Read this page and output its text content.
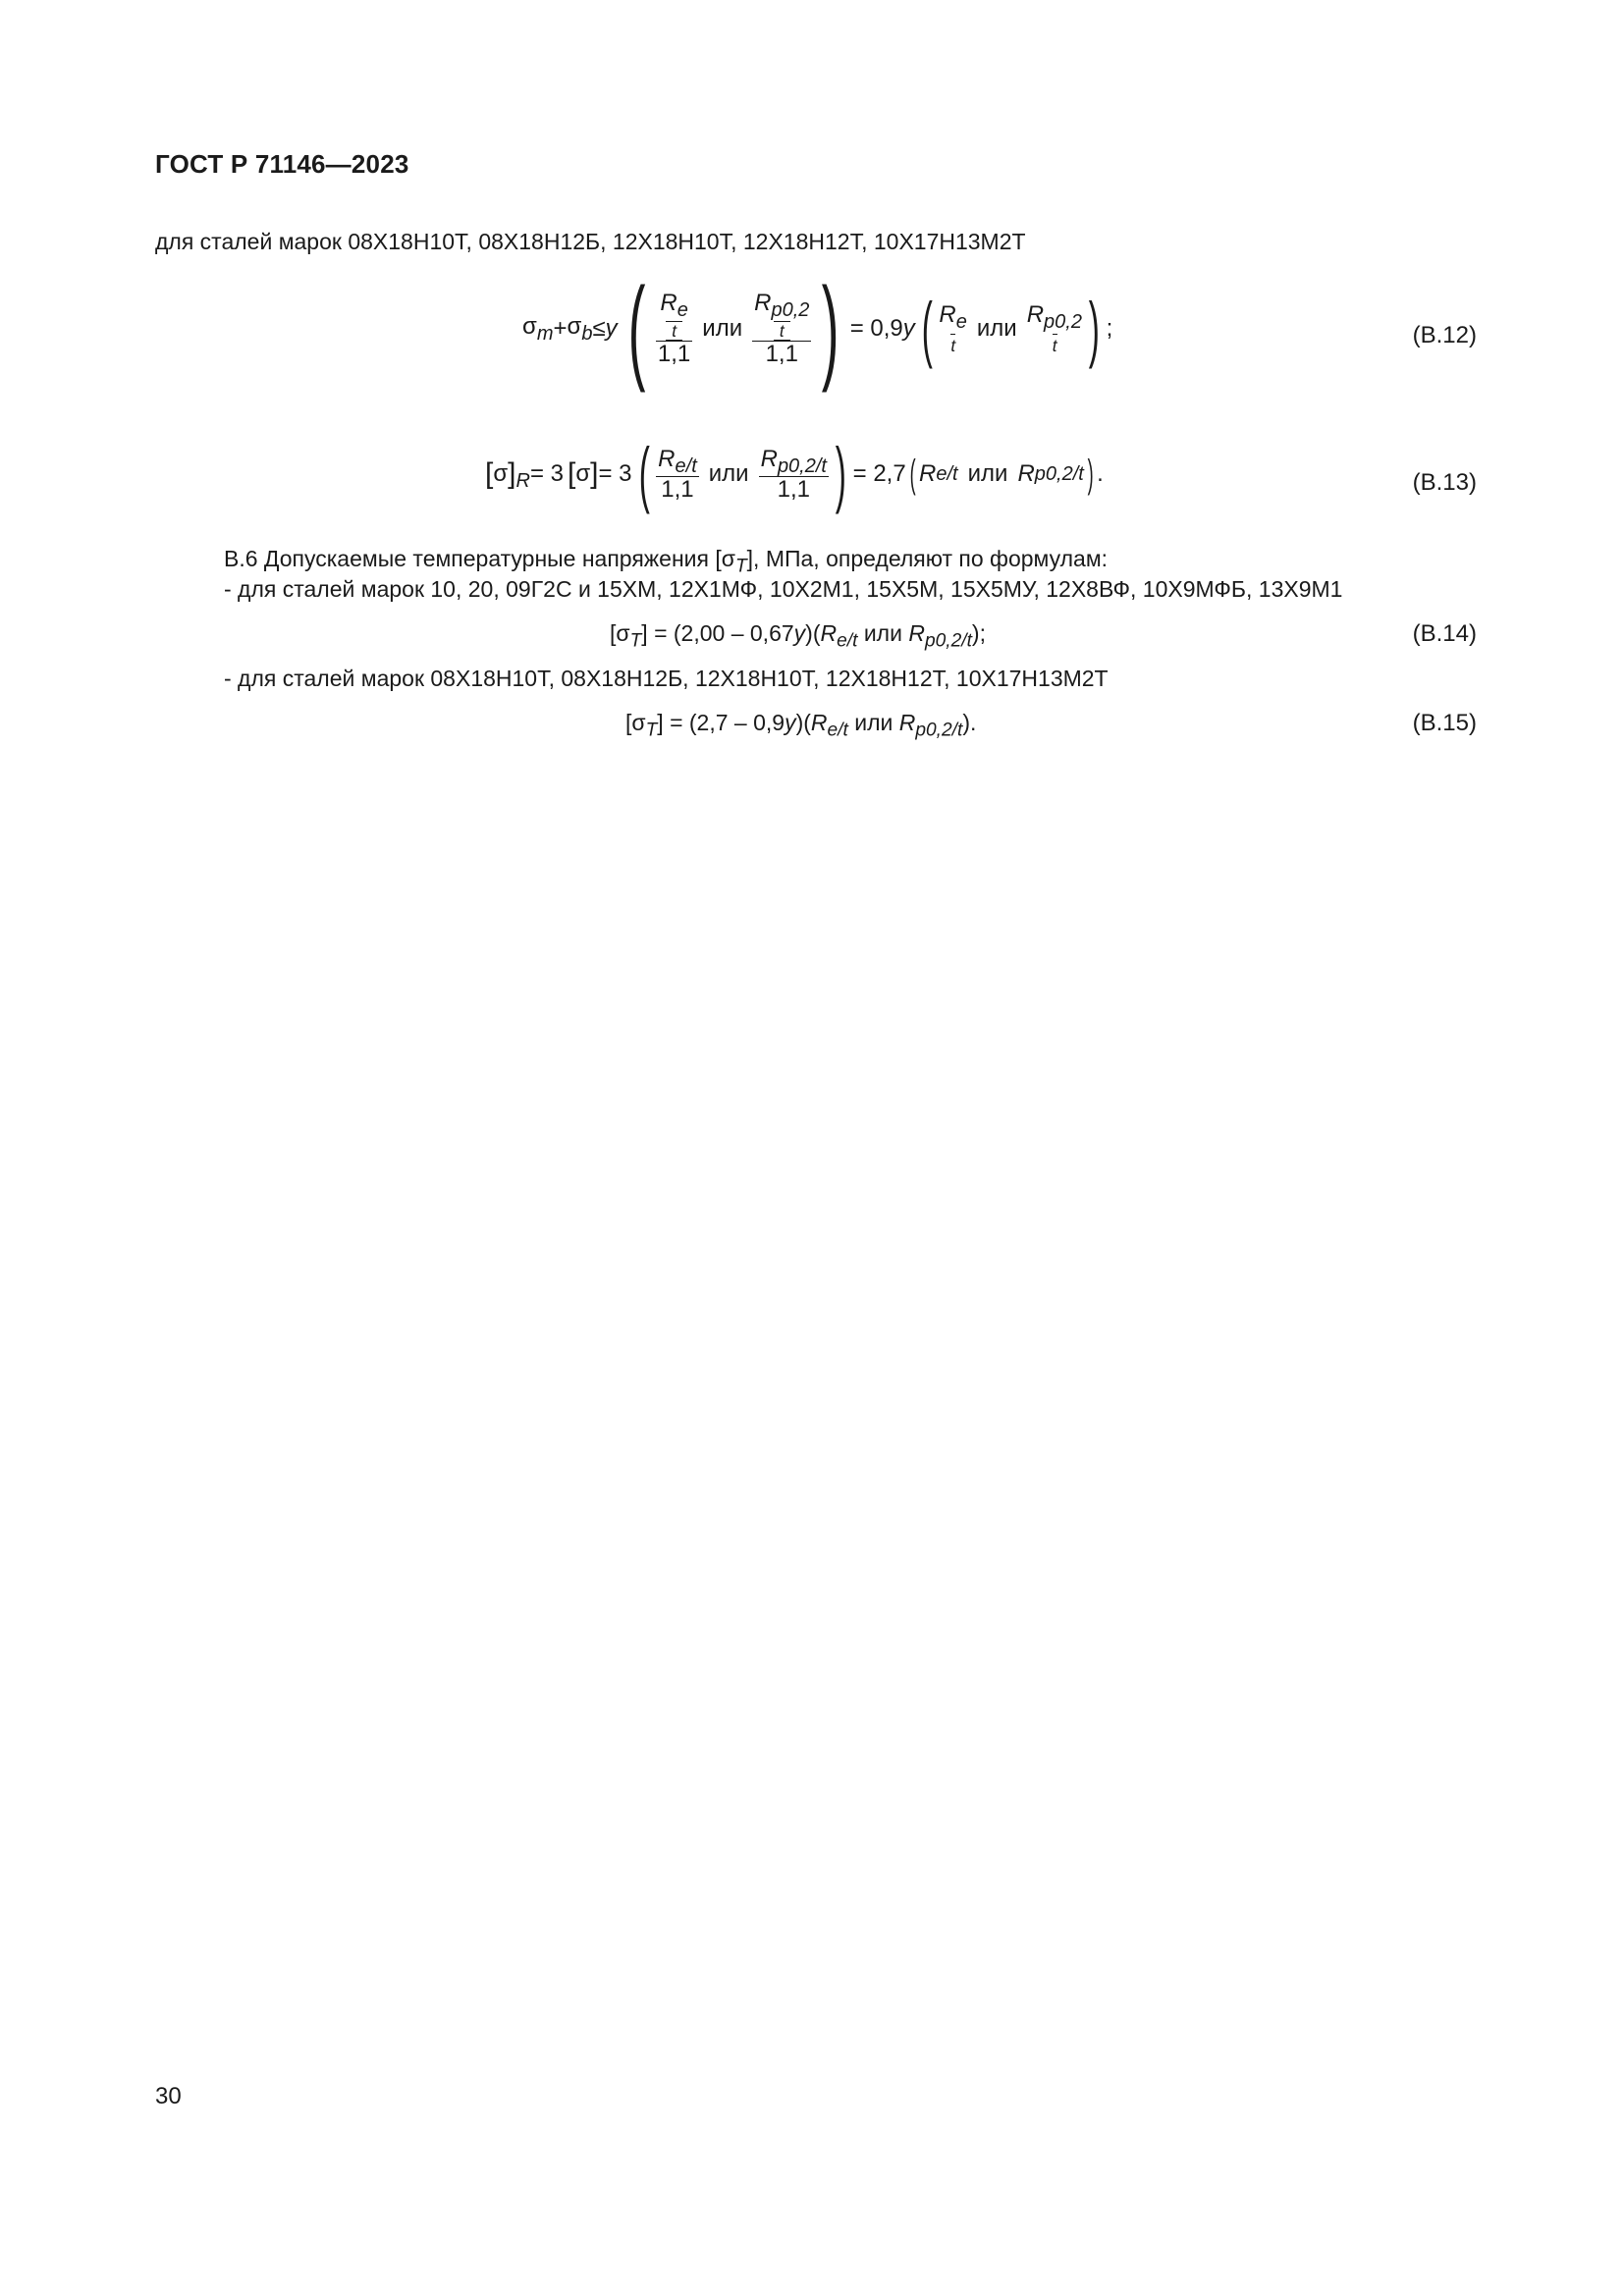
ГОСТ Р 71146—2023
для сталей марок 08Х18Н10Т, 08Х18Н12Б, 12Х18Н10Т, 12Х18Н12Т, 10Х17Н13М2Т
$\sigma_m + \sigma_b \le y$ ( $R_e$
t
1,1 или $R_{p0,2}$
t
1,1 ) = 0,9 y ( $R_e$
t
или
$R_{p0,2}$
t ) ;	(В.12)
[ σ ]$_R = 3$ [ σ ] = 3 ( $\frac{R_{e/t}}{1,1}$ или $\frac{R_{p0,2/t}}{1,1}$ ) = 2,7 ( R e/t или R p0,2/t ) .	(В.13)
В.6 Допускаемые температурные напряжения $[\sigma_T]$, МПа, определяют по формулам:
- для сталей марок 10, 20, 09Г2С и 15ХМ, 12Х1МФ, 10Х2М1, 15Х5М, 15Х5МУ, 12Х8ВФ, 10Х9МФБ, 13Х9М1
$[\sigma_T] = (2,00 - 0,67y)(R_{e/t}$ или $R_{p0,2/t}$);	(В.14)
- для сталей марок 08Х18Н10Т, 08Х18Н12Б, 12Х18Н10Т, 12Х18Н12Т, 10Х17Н13М2Т
$[\sigma_T] = (2,7 - 0,9y)(R_{e/t}$ или $R_{p0,2/t}$).	(В.15)
30
